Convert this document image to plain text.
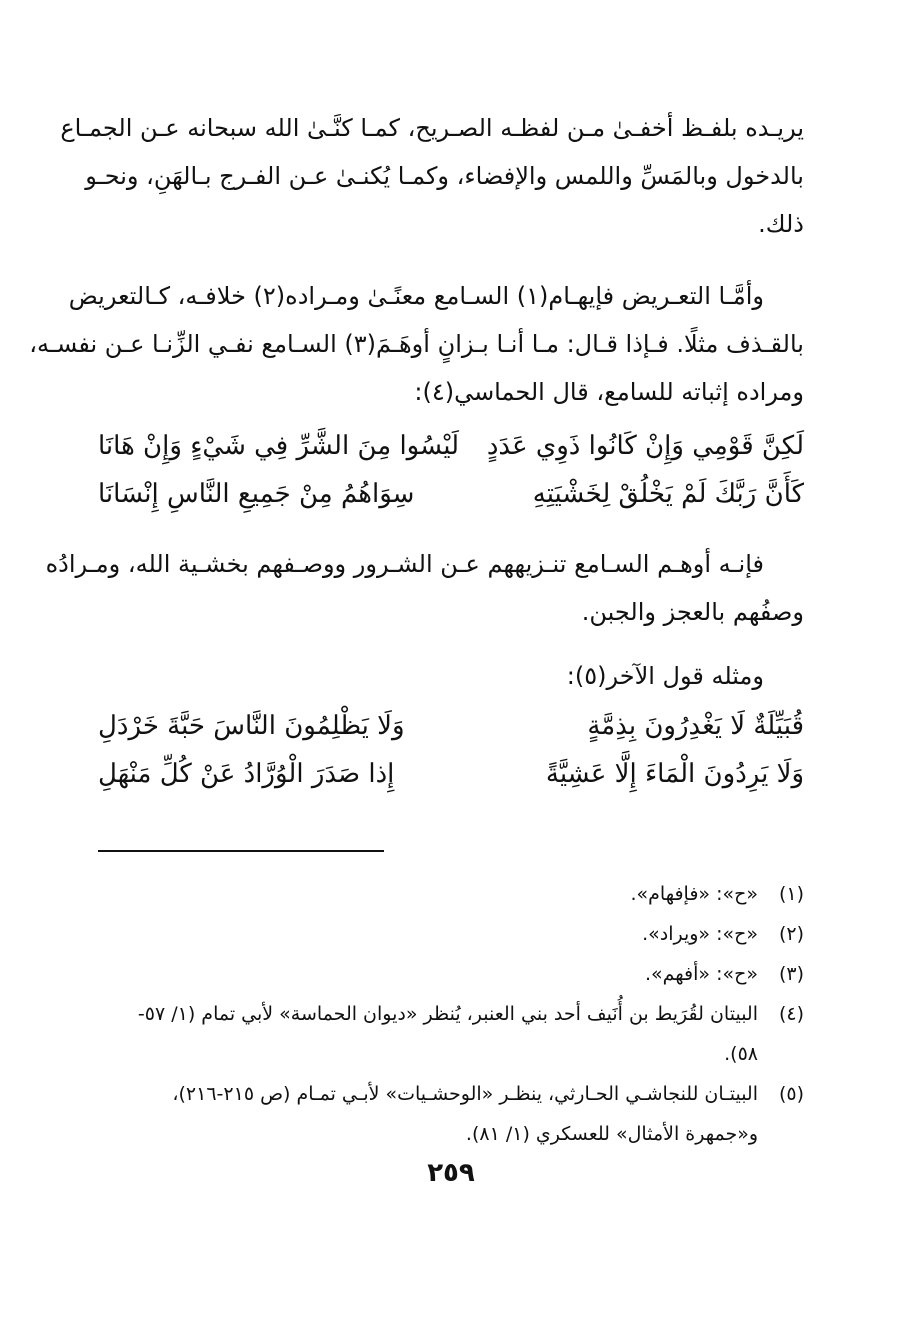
يريـده بلفـظ أخفـىٰ مـن لفظـه الصـريح، كمـا كنَّـىٰ الله سبحانه عـن الجمـاع
بالدخول وبالمَسِّ واللمس والإفضاء، وكمـا يُكنـىٰ عـن الفـرج بـالهَنِ، ونحـو
ذلك.
وأمَّـا التعـريض فإيهـام(١) السـامع معنًـىٰ ومـراده(٢) خلافـه، كـالتعريض
بالقـذف مثلًا. فـإذا قـال: مـا أنـا بـزانٍ أوهَـمَ(٣) السـامع نفـي الزِّنـا عـن نفسـه،
ومراده إثباته للسامع، قال الحماسي(٤):
لَكِنَّ قَوْمِي وَإِنْ كَانُوا ذَوِي عَدَدٍ
لَيْسُوا مِنَ الشَّرِّ فِي شَيْءٍ وَإِنْ هَانَا
كَأَنَّ رَبَّكَ لَمْ يَخْلُقْ لِخَشْيَتِهِ
سِوَاهُمُ مِنْ جَمِيعِ النَّاسِ إِنْسَانَا
فإنـه أوهـم السـامع تنـزيههم عـن الشـرور ووصـفهم بخشـية الله، ومـرادُه
وصفُهم بالعجز والجبن.
ومثله قول الآخر(٥):
قُبَيِّلَةٌ لَا يَغْدِرُونَ بِذِمَّةٍ
وَلَا يَظْلِمُونَ النَّاسَ حَبَّةَ خَرْدَلِ
وَلَا يَرِدُونَ الْمَاءَ إِلَّا عَشِيَّةً
إِذا صَدَرَ الْوُرَّادُ عَنْ كُلِّ مَنْهَلِ
(١)
«ح»: «فإفهام».
(٢)
«ح»: «ويراد».
(٣)
«ح»: «أفهم».
(٤)
البيتان لقُرَيط بن أُنَيف أحد بني العنبر، يُنظر «ديوان الحماسة» لأبي تمام (١/ ٥٧-
٥٨).
(٥)
البيتـان للنجاشـي الحـارثي، ينظـر «الوحشـيات» لأبـي تمـام (ص ٢١٥-٢١٦)،
و«جمهرة الأمثال» للعسكري (١/ ٨١).
٢٥٩
